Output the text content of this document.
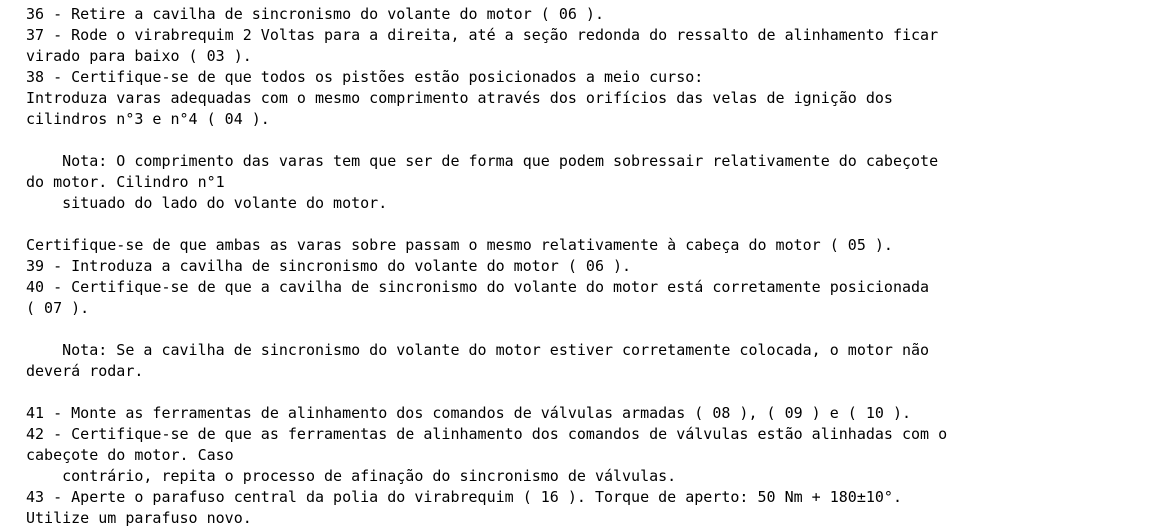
36 - Retire a cavilha de sincronismo do volante do motor ( 06 ).
37 - Rode o virabrequim 2 Voltas para a direita, até a seção redonda do ressalto de alinhamento ficar
virado para baixo ( 03 ).
38 - Certifique-se de que todos os pistões estão posicionados a meio curso:
Introduza varas adequadas com o mesmo comprimento através dos orifícios das velas de ignição dos
cilindros n°3 e n°4 ( 04 ).
Nota: O comprimento das varas tem que ser de forma que podem sobressair relativamente do cabeçote
do motor. Cilindro n°1
situado do lado do volante do motor.
Certifique-se de que ambas as varas sobre passam o mesmo relativamente à cabeça do motor ( 05 ).
39 - Introduza a cavilha de sincronismo do volante do motor ( 06 ).
40 - Certifique-se de que a cavilha de sincronismo do volante do motor está corretamente posicionada
( 07 ).
Nota: Se a cavilha de sincronismo do volante do motor estiver corretamente colocada, o motor não
deverá rodar.
41 - Monte as ferramentas de alinhamento dos comandos de válvulas armadas ( 08 ), ( 09 ) e ( 10 ).
42 - Certifique-se de que as ferramentas de alinhamento dos comandos de válvulas estão alinhadas com o
cabeçote do motor. Caso
contrário, repita o processo de afinação do sincronismo de válvulas.
43 - Aperte o parafuso central da polia do virabrequim ( 16 ). Torque de aperto: 50 Nm + 180±10°.
Utilize um parafuso novo.
